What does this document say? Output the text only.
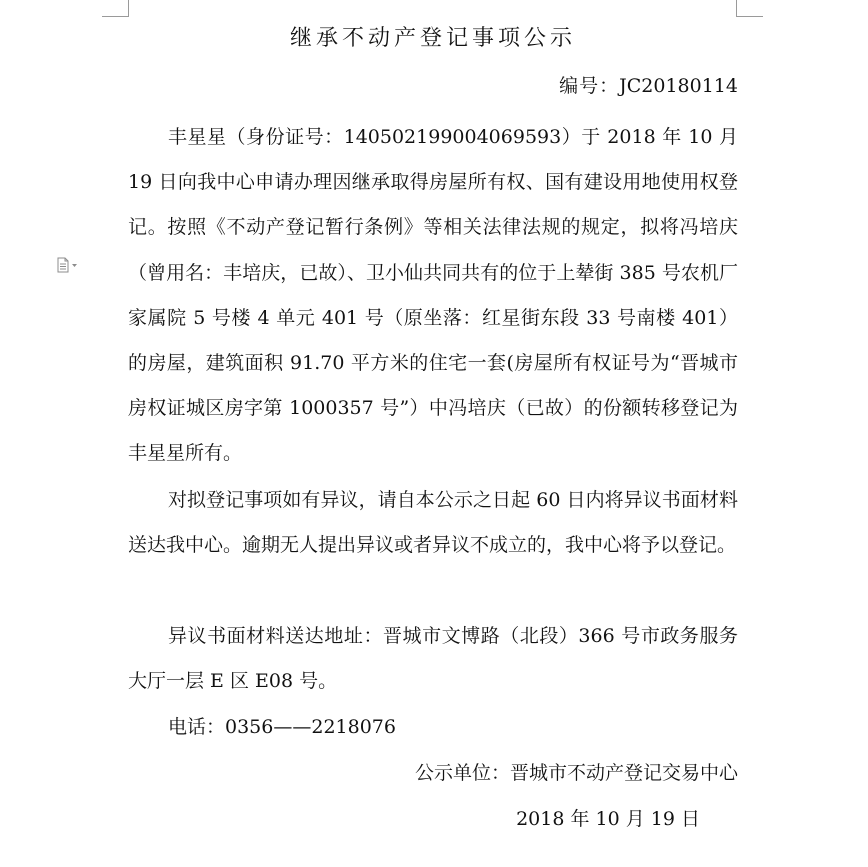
继承不动产登记事项公示
编号：JC20180114

丰星星（身份证号：140502199004069593）于 2018 年 10 月 19 日向我中心申请办理因继承取得房屋所有权、国有建设用地使用权登记。按照《不动产登记暂行条例》等相关法律法规的规定，拟将冯培庆（曾用名：丰培庆，已故）、卫小仙共同共有的位于上辇街 385 号农机厂家属院 5 号楼 4 单元 401 号（原坐落：红星街东段 33 号南楼 401）的房屋，建筑面积 91.70 平方米的住宅一套(房屋所有权证号为“晋城市房权证城区房字第 1000357 号”）中冯培庆（已故）的份额转移登记为丰星星所有。

对拟登记事项如有异议，请自本公示之日起 60 日内将异议书面材料送达我中心。逾期无人提出异议或者异议不成立的，我中心将予以登记。

异议书面材料送达地址：晋城市文博路（北段）366 号市政务服务大厅一层 E 区 E08 号。

电话：0356——2218076
公示单位：晋城市不动产登记交易中心
2018 年 10 月 19 日
